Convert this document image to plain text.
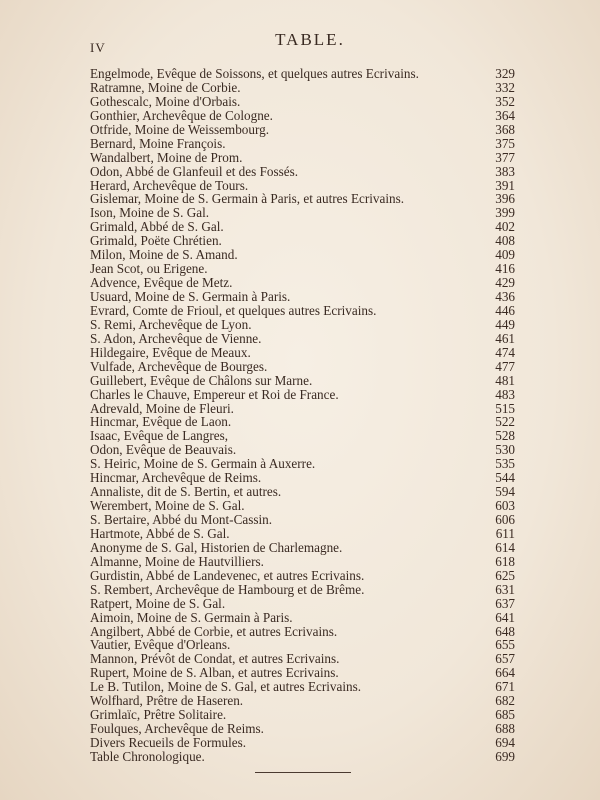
IV	TABLE.
Engelmode, Evêque de Soissons, et quelques autres Ecrivains.	329
Ratramne, Moine de Corbie.	332
Gothescalc, Moine d'Orbais.	352
Gonthier, Archevêque de Cologne.	364
Otfride, Moine de Weissembourg.	368
Bernard, Moine François.	375
Wandalbert, Moine de Prom.	377
Odon, Abbé de Glanfeuil et des Fossés.	383
Herard, Archevêque de Tours.	391
Gislemar, Moine de S. Germain à Paris, et autres Ecrivains.	396
Ison, Moine de S. Gal.	399
Grimald, Abbé de S. Gal.	402
Grimald, Poëte Chrétien.	408
Milon, Moine de S. Amand.	409
Jean Scot, ou Erigene.	416
Advence, Evêque de Metz.	429
Usuard, Moine de S. Germain à Paris.	436
Evrard, Comte de Frioul, et quelques autres Ecrivains.	446
S. Remi, Archevêque de Lyon.	449
S. Adon, Archevêque de Vienne.	461
Hildegaire, Evêque de Meaux.	474
Vulfade, Archevêque de Bourges.	477
Guillebert, Evêque de Châlons sur Marne.	481
Charles le Chauve, Empereur et Roi de France.	483
Adrevald, Moine de Fleuri.	515
Hincmar, Evêque de Laon.	522
Isaac, Evêque de Langres,	528
Odon, Evêque de Beauvais.	530
S. Heiric, Moine de S. Germain à Auxerre.	535
Hincmar, Archevêque de Reims.	544
Annaliste, dit de S. Bertin, et autres.	594
Werembert, Moine de S. Gal.	603
S. Bertaire, Abbé du Mont-Cassin.	606
Hartmote, Abbé de S. Gal.	611
Anonyme de S. Gal, Historien de Charlemagne.	614
Almanne, Moine de Hautvilliers.	618
Gurdistin, Abbé de Landevenec, et autres Ecrivains.	625
S. Rembert, Archevêque de Hambourg et de Brême.	631
Ratpert, Moine de S. Gal.	637
Aimoin, Moine de S. Germain à Paris.	641
Angilbert, Abbé de Corbie, et autres Ecrivains.	648
Vautier, Evêque d'Orleans.	655
Mannon, Prévôt de Condat, et autres Ecrivains.	657
Rupert, Moine de S. Alban, et autres Ecrivains.	664
Le B. Tutilon, Moine de S. Gal, et autres Ecrivains.	671
Wolfhard, Prêtre de Haseren.	682
Grimlaïc, Prêtre Solitaire.	685
Foulques, Archevêque de Reims.	688
Divers Recueils de Formules.	694
Table Chronologique.	699
